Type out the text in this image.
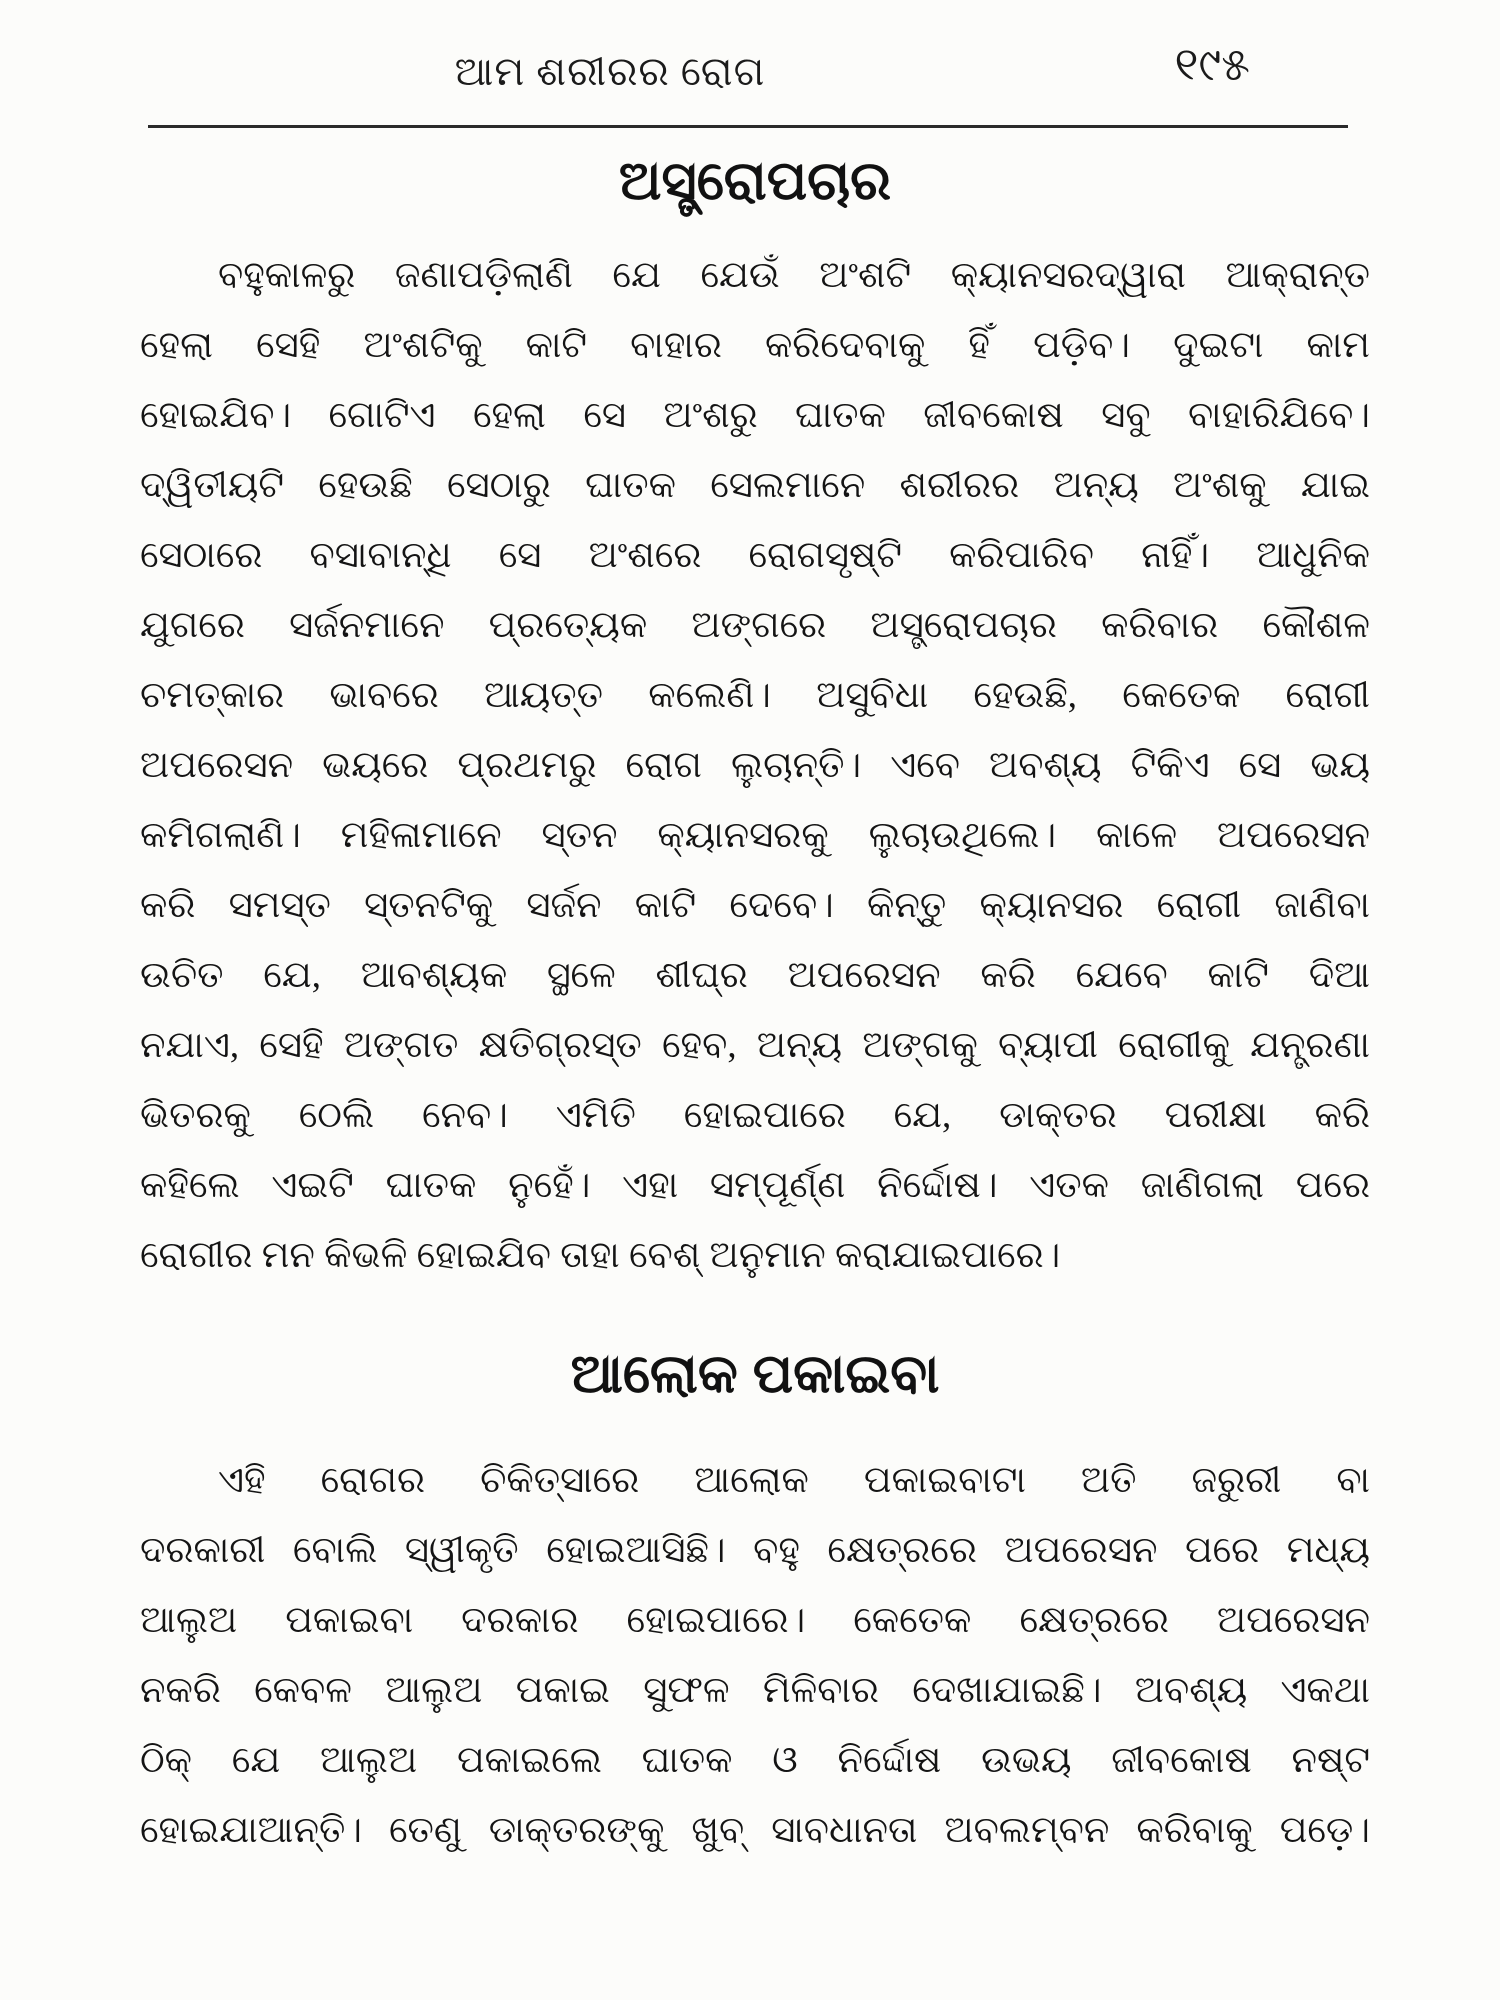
ଆମ ଶରୀରର ରୋଗ	୧୯୫
ଅସ୍ତ୍ରୋପଚାର
ବହୁକାଳରୁ ଜଣାପଡ଼ିଲାଣି ଯେ ଯେଉଁ ଅଂଶଟି କ୍ୟାନସରଦ୍ୱାରା ଆକ୍ରାନ୍ତ
ହେଲା ସେହି ଅଂଶଟିକୁ କାଟି ବାହାର କରିଦେବାକୁ ହିଁ ପଡ଼ିବ। ଦୁଇଟା କାମ
ହୋଇଯିବ। ଗୋଟିଏ ହେଲା ସେ ଅଂଶରୁ ଘାତକ ଜୀବକୋଷ ସବୁ ବାହାରିଯିବେ।
ଦ୍ୱିତୀୟଟି ହେଉଛି ସେଠାରୁ ଘାତକ ସେଲମାନେ ଶରୀରର ଅନ୍ୟ ଅଂଶକୁ ଯାଇ
ସେଠାରେ ବସାବାନ୍ଧି ସେ ଅଂଶରେ ରୋଗସୃଷ୍ଟି କରିପାରିବ ନାହିଁ। ଆଧୁନିକ
ଯୁଗରେ ସର୍ଜନମାନେ ପ୍ରତ୍ୟେକ ଅଙ୍ଗରେ ଅସ୍ତ୍ରୋପଚାର କରିବାର କୌଶଳ
ଚମତ୍କାର ଭାବରେ ଆୟତ୍ତ କଲେଣି। ଅସୁବିଧା ହେଉଛି, କେତେକ ରୋଗୀ
ଅପରେସନ ଭୟରେ ପ୍ରଥମରୁ ରୋଗ ଲୁଚାନ୍ତି। ଏବେ ଅବଶ୍ୟ ଟିକିଏ ସେ ଭୟ
କମିଗଲାଣି। ମହିଳାମାନେ ସ୍ତନ କ୍ୟାନସରକୁ ଲୁଚାଉଥିଲେ। କାଳେ ଅପରେସନ
କରି ସମସ୍ତ ସ୍ତନଟିକୁ ସର୍ଜନ କାଟି ଦେବେ। କିନ୍ତୁ କ୍ୟାନସର ରୋଗୀ ଜାଣିବା
ଉଚିତ ଯେ, ଆବଶ୍ୟକ ସ୍ଥଳେ ଶୀଘ୍ର ଅପରେସନ କରି ଯେବେ କାଟି ଦିଆ
ନଯାଏ, ସେହି ଅଙ୍ଗତ କ୍ଷତିଗ୍ରସ୍ତ ହେବ, ଅନ୍ୟ ଅଙ୍ଗକୁ ବ୍ୟାପୀ ରୋଗୀକୁ ଯନ୍ତ୍ରଣା
ଭିତରକୁ ଠେଲି ନେବ। ଏମିତି ହୋଇପାରେ ଯେ, ଡାକ୍ତର ପରୀକ୍ଷା କରି
କହିଲେ ଏଇଟି ଘାତକ ନୁହେଁ। ଏହା ସମ୍ପୂର୍ଣ୍ଣ ନିର୍ଦ୍ଦୋଷ। ଏତକ ଜାଣିଗଲା ପରେ
ରୋଗୀର ମନ କିଭଳି ହୋଇଯିବ ତାହା ବେଶ୍ ଅନୁମାନ କରାଯାଇପାରେ।
ଆଲୋକ ପକାଇବା
ଏହି ରୋଗର ଚିକିତ୍ସାରେ ଆଲୋକ ପକାଇବାଟା ଅତି ଜରୁରୀ ବା
ଦରକାରୀ ବୋଲି ସ୍ୱୀକୃତି ହୋଇଆସିଛି। ବହୁ କ୍ଷେତ୍ରରେ ଅପରେସନ ପରେ ମଧ୍ୟ
ଆଲୁଅ ପକାଇବା ଦରକାର ହୋଇପାରେ। କେତେକ କ୍ଷେତ୍ରରେ ଅପରେସନ
ନକରି କେବଳ ଆଲୁଅ ପକାଇ ସୁଫଳ ମିଳିବାର ଦେଖାଯାଇଛି। ଅବଶ୍ୟ ଏକଥା
ଠିକ୍ ଯେ ଆଲୁଅ ପକାଇଲେ ଘାତକ ଓ ନିର୍ଦ୍ଦୋଷ ଉଭୟ ଜୀବକୋଷ ନଷ୍ଟ
ହୋଇଯାଆନ୍ତି। ତେଣୁ ଡାକ୍ତରଙ୍କୁ ଖୁବ୍ ସାବଧାନତା ଅବଲମ୍ବନ କରିବାକୁ ପଡ଼େ।
